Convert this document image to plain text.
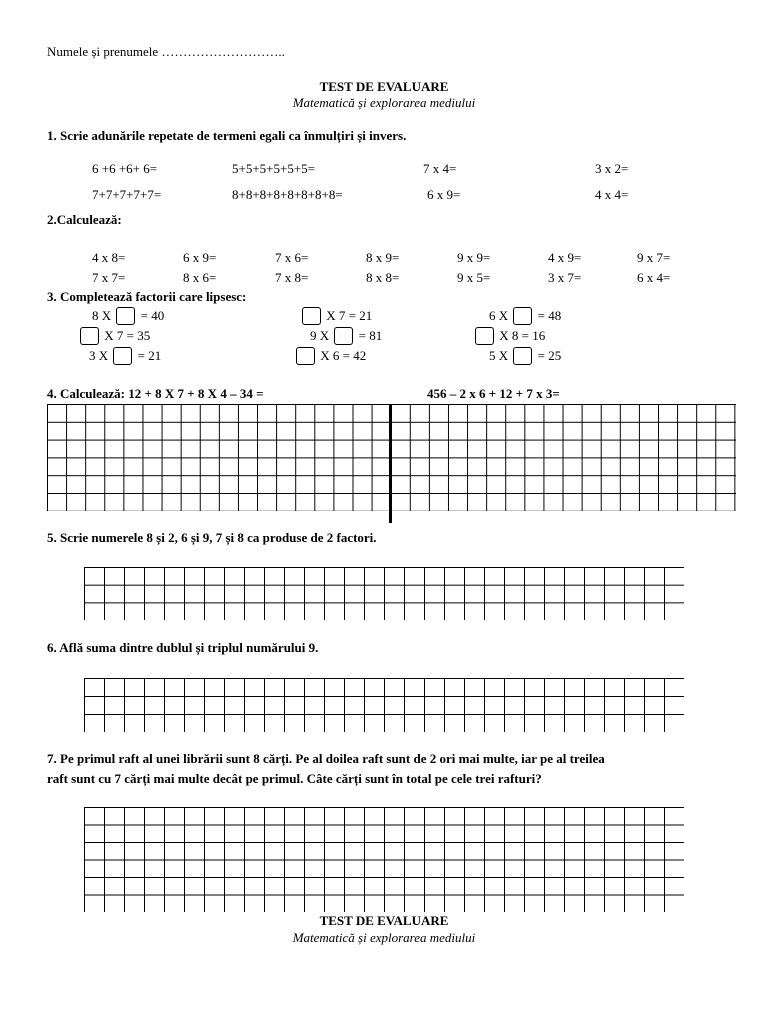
Numele și prenumele ………………………..
TEST DE EVALUARE
Matematică și explorarea mediului
1. Scrie adunările repetate de termeni egali ca înmulțiri și invers.
6 +6 +6+ 6=	5+5+5+5+5+5=	7 x 4=	3 x 2=
7+7+7+7+7=	8+8+8+8+8+8+8+8=	6 x 9=	4 x 4=
2.Calculează:
4 x 8=	6 x 9=	7 x 6=	8 x 9=	9 x 9=	4 x 9=	9 x 7=
7 x 7=	8 x 6=	7 x 8=	8 x 8=	9 x 5=	3 x 7=	6 x 4=
3. Completează factorii care lipsesc:
8 X = 40	X 7 = 21	6 X = 48
X 7 = 35	9 X = 81	X 8 = 16
3 X = 21	X 6 = 42	5 X = 25
4. Calculează: 12 + 8 X 7 + 8 X 4 – 34 =	456 – 2 x 6 + 12 + 7 x 3=
5. Scrie numerele 8 și 2, 6 și 9, 7 și 8 ca produse de 2 factori.
6. Află suma dintre dublul și triplul numărului 9.
7. Pe primul raft al unei librării sunt 8 cărți. Pe al doilea raft sunt de 2 ori mai multe, iar pe al treilea
raft sunt cu 7 cărți mai multe decât pe primul. Câte cărți sunt în total pe cele trei rafturi?
TEST DE EVALUARE
Matematică și explorarea mediului
